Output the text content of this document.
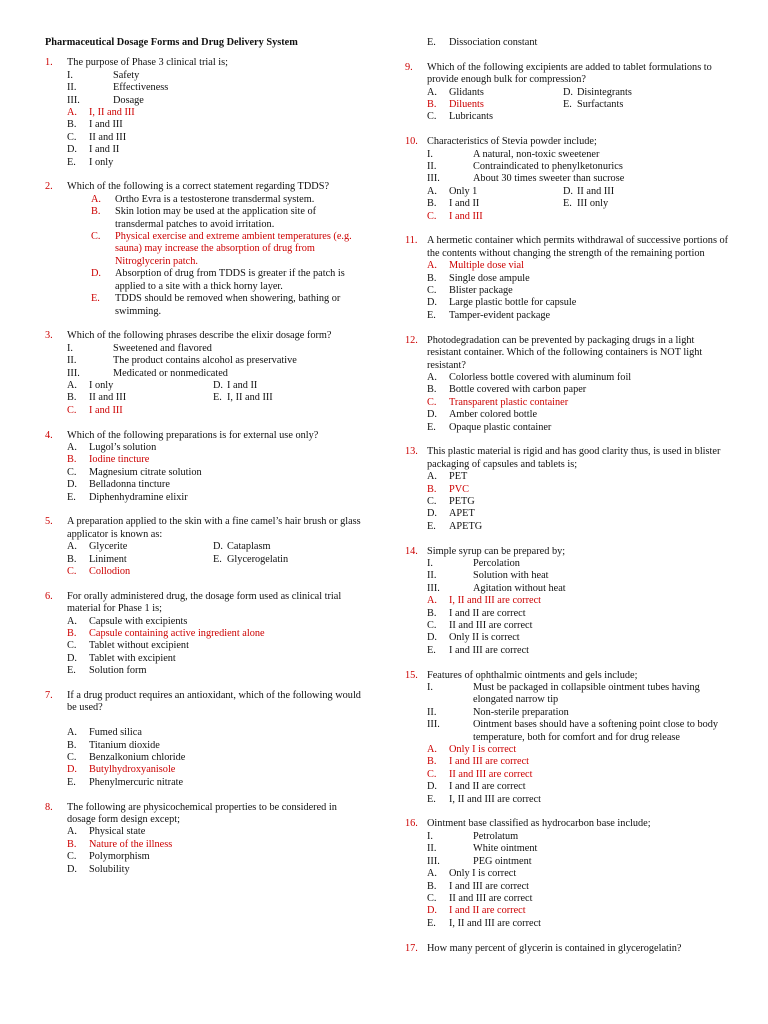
Pharmaceutical Dosage Forms and Drug Delivery System
1.	The purpose of Phase 3 clinical trial is;
I.	Safety
II.	Effectiveness
III.	Dosage
A.	I, II and III
B.	I and III
C.	II and III
D.	I and II
E.	I only
2.	Which of the following is a correct statement regarding TDDS?
A.	Ortho Evra is a testosterone transdermal system.
B.	Skin lotion may be used at the application site of transdermal patches to avoid irritation.
C.	Physical exercise and extreme ambient temperatures (e.g. sauna) may increase the absorption of drug from Nitroglycerin patch.
D.	Absorption of drug from TDDS is greater if the patch is applied to a site with a thick horny layer.
E.	TDDS should be removed when showering, bathing or swimming.
3.	Which of the following phrases describe the elixir dosage form?
I.	Sweetened and flavored
II.	The product contains alcohol as preservative
III.	Medicated or nonmedicated
A.	I only	D. I and II
B.	II and III	E. I, II and III
C.	I and III
4.	Which of the following preparations is for external use only?
A.	Lugol’s solution
B.	Iodine tincture
C.	Magnesium citrate solution
D.	Belladonna tincture
E.	Diphenhydramine elixir
5.	A preparation applied to the skin with a fine camel’s hair brush or glass applicator is known as:
A.	Glycerite	D. Cataplasm
B.	Liniment	E. Glycerogelatin
C.	Collodion
6.	For orally administered drug, the dosage form used as clinical trial material for Phase 1 is;
A.	Capsule with excipients
B.	Capsule containing active ingredient alone
C.	Tablet without excipient
D.	Tablet with excipient
E.	Solution form
7.	If a drug product requires an antioxidant, which of the following would be used?
A.	Fumed silica
B.	Titanium dioxide
C.	Benzalkonium chloride
D.	Butylhydroxyanisole
E.	Phenylmercuric nitrate
8.	The following are physicochemical properties to be considered in dosage form design except;
A.	Physical state
B.	Nature of the illness
C.	Polymorphism
D.	Solubility
E.	Dissociation constant
9.	Which of the following excipients are added to tablet formulations to provide enough bulk for compression?
A.	Glidants	D. Disintegrants
B.	Diluents	E. Surfactants
C.	Lubricants
10. Characteristics of Stevia powder include;
I.	A natural, non-toxic sweetener
II.	Contraindicated to phenylketonurics
III.	About 30 times sweeter than sucrose
A.	Only 1	D. II and III
B.	I and II	E. III only
C.	I and III
11. A hermetic container which permits withdrawal of successive portions of the contents without changing the strength of the remaining portion
A.	Multiple dose vial
B.	Single dose ampule
C.	Blister package
D.	Large plastic bottle for capsule
E.	Tamper-evident package
12. Photodegradation can be prevented by packaging drugs in a light resistant container. Which of the following containers is NOT light resistant?
A.	Colorless bottle covered with aluminum foil
B.	Bottle covered with carbon paper
C.	Transparent plastic container
D.	Amber colored bottle
E.	Opaque plastic container
13. This plastic material is rigid and has good clarity thus, is used in blister packaging of capsules and tablets is;
A.	PET
B.	PVC
C.	PETG
D.	APET
E.	APETG
14. Simple syrup can be prepared by;
I.	Percolation
II.	Solution with heat
III.	Agitation without heat
A.	I, II and III are correct
B.	I and II are correct
C.	II and III are correct
D.	Only II is correct
E.	I and III are correct
15. Features of ophthalmic ointments and gels include;
I.	Must be packaged in collapsible ointment tubes having elongated narrow tip
II.	Non-sterile preparation
III.	Ointment bases should have a softening point close to body temperature, both for comfort and for drug release
A.	Only I is correct
B.	I and III are correct
C.	II and III are correct
D.	I and II are correct
E.	I, II and III are correct
16. Ointment base classified as hydrocarbon base include;
I.	Petrolatum
II.	White ointment
III.	PEG ointment
A.	Only I is correct
B.	I and III are correct
C.	II and III are correct
D.	I and II are correct
E.	I, II and III are correct
17. How many percent of glycerin is contained in glycerogelatin?
